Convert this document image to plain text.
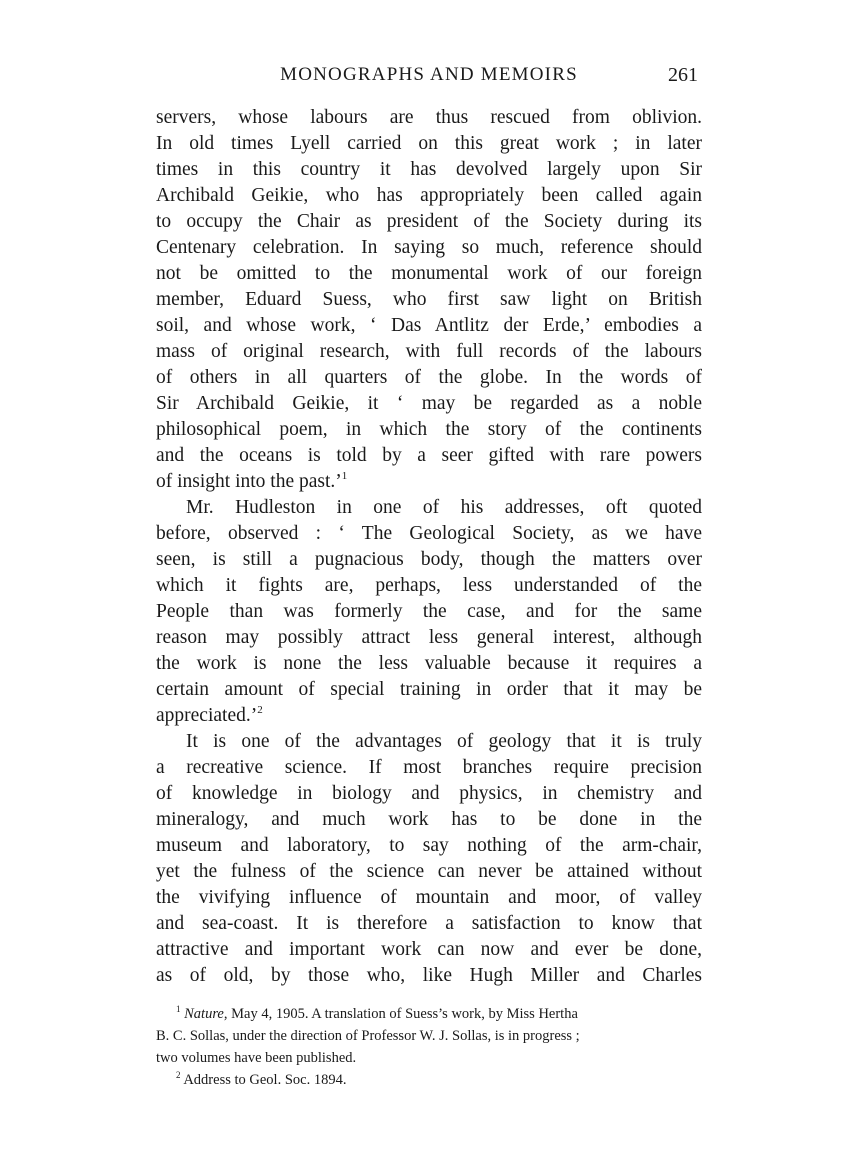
MONOGRAPHS AND MEMOIRS	261
servers, whose labours are thus rescued from oblivion.
In old times Lyell carried on this great work ; in later
times in this country it has devolved largely upon Sir
Archibald Geikie, who has appropriately been called again
to occupy the Chair as president of the Society during its
Centenary celebration. In saying so much, reference should
not be omitted to the monumental work of our foreign
member, Eduard Suess, who first saw light on British
soil, and whose work, ‘ Das Antlitz der Erde,’ embodies a
mass of original research, with full records of the labours
of others in all quarters of the globe. In the words of
Sir Archibald Geikie, it ‘ may be regarded as a noble
philosophical poem, in which the story of the continents
and the oceans is told by a seer gifted with rare powers
of insight into the past.’$^1$
Mr. Hudleston in one of his addresses, oft quoted
before, observed : ‘ The Geological Society, as we have
seen, is still a pugnacious body, though the matters over
which it fights are, perhaps, less understanded of the
People than was formerly the case, and for the same
reason may possibly attract less general interest, although
the work is none the less valuable because it requires a
certain amount of special training in order that it may be
appreciated.’$^2$
It is one of the advantages of geology that it is truly
a recreative science. If most branches require precision
of knowledge in biology and physics, in chemistry and
mineralogy, and much work has to be done in the
museum and laboratory, to say nothing of the arm-chair,
yet the fulness of the science can never be attained without
the vivifying influence of mountain and moor, of valley
and sea-coast. It is therefore a satisfaction to know that
attractive and important work can now and ever be done,
as of old, by those who, like Hugh Miller and Charles
$^1$ Nature, May 4, 1905. A translation of Suess’s work, by Miss Hertha
B. C. Sollas, under the direction of Professor W. J. Sollas, is in progress ;
two volumes have been published.
$^2$ Address to Geol. Soc. 1894.
